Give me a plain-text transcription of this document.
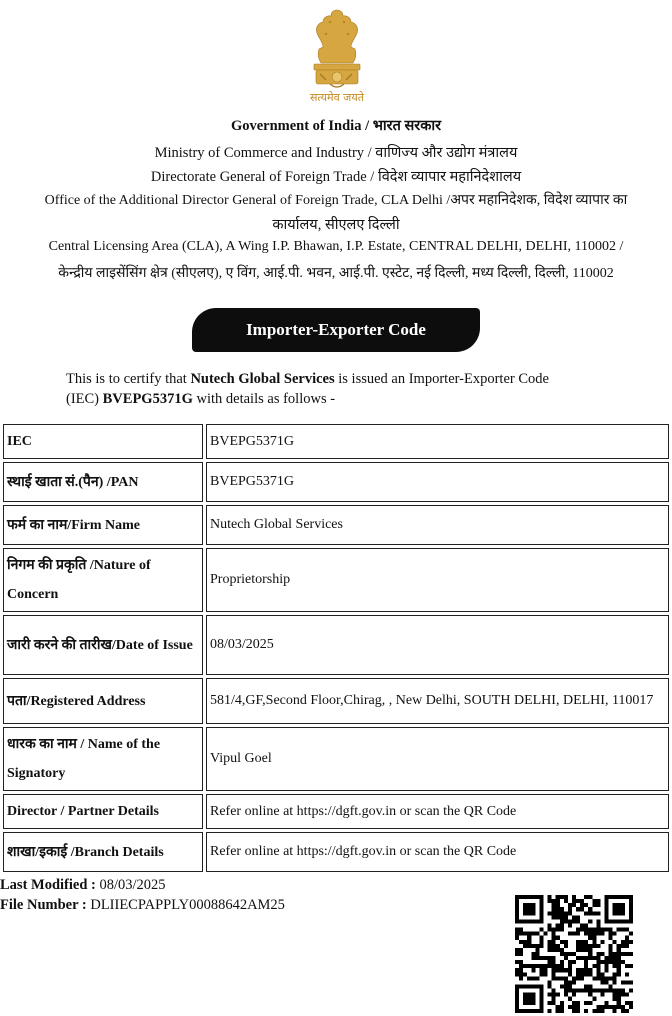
सत्यमेव जयते
Government of India / भारत सरकार
Ministry of Commerce and Industry / वाणिज्य और उद्योग मंत्रालय
Directorate General of Foreign Trade / विदेश व्यापार महानिदेशालय
Office of the Additional Director General of Foreign Trade, CLA Delhi /अपर महानिदेशक, विदेश व्यापार का
कार्यालय, सीएलए दिल्ली
Central Licensing Area (CLA), A Wing I.P. Bhawan, I.P. Estate, CENTRAL DELHI, DELHI, 110002 /
केन्द्रीय लाइसेंसिंग क्षेत्र (सीएलए), ए विंग, आई.पी. भवन, आई.पी. एस्टेट, नई दिल्ली, मध्य दिल्ली, दिल्ली, 110002
Importer-Exporter Code
This is to certify that Nutech Global Services is issued an Importer-Exporter Code
(IEC) BVEPG5371G with details as follows -
IEC	BVEPG5371G
स्थाई खाता सं.(पैन) /PAN	BVEPG5371G
फर्म का नाम/Firm Name	Nutech Global Services
निगम की प्रकृति /Nature of Concern	Proprietorship
जारी करने की तारीख/Date of Issue	08/03/2025
पता/Registered Address	581/4,GF,Second Floor,Chirag, , New Delhi, SOUTH DELHI, DELHI, 110017
धारक का नाम / Name of the Signatory	Vipul Goel
Director / Partner Details	Refer online at https://dgft.gov.in or scan the QR Code
शाखा/इकाई /Branch Details	Refer online at https://dgft.gov.in or scan the QR Code
Last Modified : 08/03/2025
File Number : DLIIECPAPPLY00088642AM25
